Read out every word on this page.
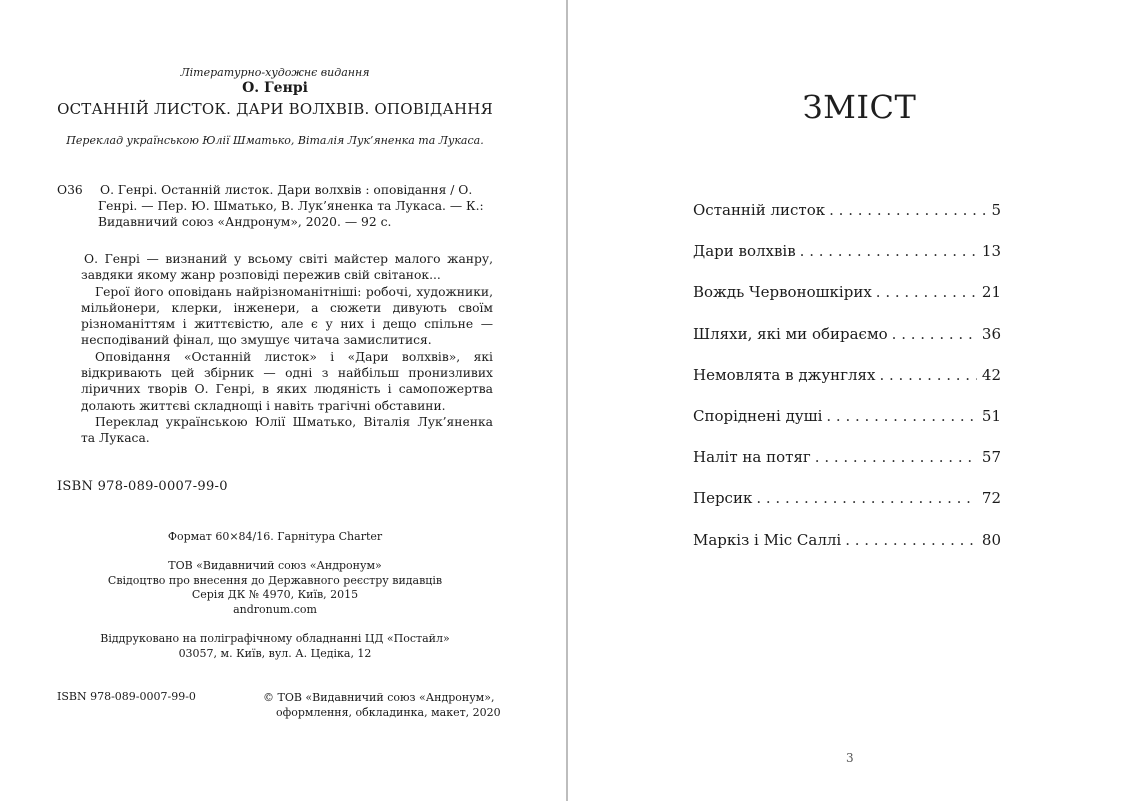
Літературно-художнє видання
О. Генрі
ОСТАННІЙ ЛИСТОК. ДАРИ ВОЛХВІВ. ОПОВІДАННЯ
Переклад українською Юлії Шматько, Віталія Лук’яненка та Лукаса.
О36 О. Генрі. Останній листок. Дари волхвів : оповідання / О. Генрі. — Пер. Ю. Шматько, В. Лук’яненка та Лукаса. — К.: Видавничий союз «Андронум», 2020. — 92 с.

О. Генрі — визнаний у всьому світі майстер малого жанру, завдяки якому жанр розповіді пережив свій світанок...

Герої його оповідань найрізноманітніші: робочі, художники, мільйонери, клерки, інженери, а сюжети дивують своїм різноманіттям і життєвістю, але є у них і дещо спільне — несподіваний фінал, що змушує читача замислитися.

Оповідання «Останній листок» і «Дари волхвів», які відкривають цей збірник — одні з найбільш пронизливих ліричних творів О. Генрі, в яких людяність і самопожертва долають життєві складнощі і навіть трагічні обставини.

Переклад українською Юлії Шматько, Віталія Лук’яненка та Лукаса.

ISBN 978-089-0007-99-0
Формат 60×84/16. Гарнітура Charter
ТОВ «Видавничий союз «Андронум»
Свідоцтво про внесення до Державного реєстру видавців
Серія ДК № 4970, Київ, 2015
andronum.com
Віддруковано на поліграфічному обладнанні ЦД «Постайл»
03057, м. Київ, вул. А. Цедіка, 12
ISBN 978-089-0007-99-0	© ТОВ «Видавничий союз «Андронум»,
оформлення, обкладинка, макет, 2020
ЗМІСТ
Останній листок . . .	5
Дари волхвів . . .	13
Вождь Червоношкірих . . .	21
Шляхи, які ми обираємо . . .	36
Немовлята в джунглях . . .	42
Споріднені душі . . .	51
Наліт на потяг . . .	57
Персик . . .	72
Маркіз і Міс Саллі . . .	80
3
